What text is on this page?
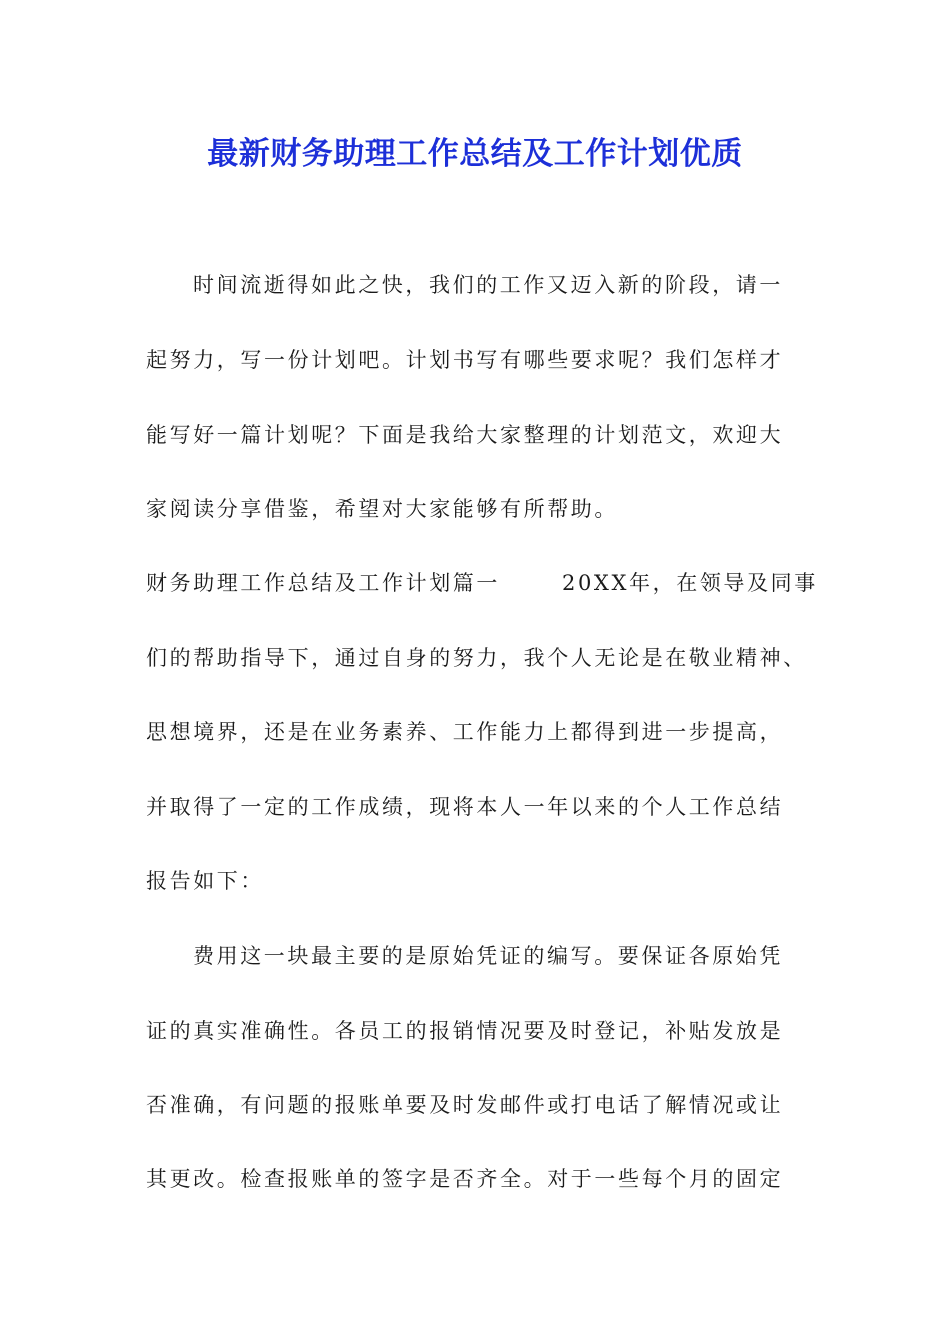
最新财务助理工作总结及工作计划优质
时间流逝得如此之快，我们的工作又迈入新的阶段，请一
起努力，写一份计划吧。计划书写有哪些要求呢？我们怎样才
能写好一篇计划呢？下面是我给大家整理的计划范文，欢迎大
家阅读分享借鉴，希望对大家能够有所帮助。
财务助理工作总结及工作计划篇一	20XX年，在领导及同事
们的帮助指导下，通过自身的努力，我个人无论是在敬业精神、
思想境界，还是在业务素养、工作能力上都得到进一步提高，
并取得了一定的工作成绩，现将本人一年以来的个人工作总结
报告如下：
费用这一块最主要的是原始凭证的编写。要保证各原始凭
证的真实准确性。各员工的报销情况要及时登记，补贴发放是
否准确，有问题的报账单要及时发邮件或打电话了解情况或让
其更改。检查报账单的签字是否齐全。对于一些每个月的固定
